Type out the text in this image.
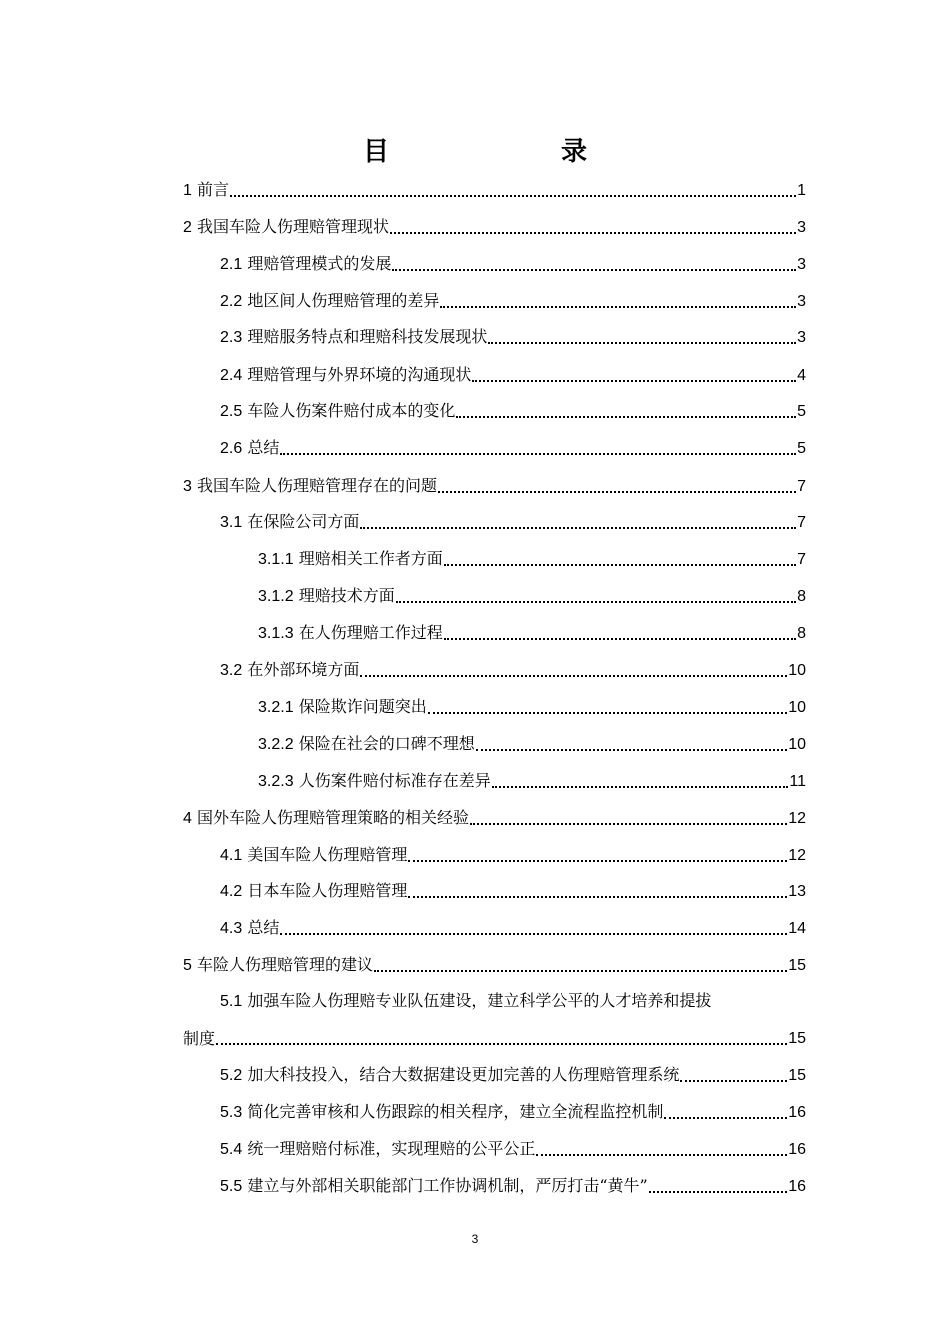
目　　录
1 前言	1
2 我国车险人伤理赔管理现状	3
2.1 理赔管理模式的发展	3
2.2 地区间人伤理赔管理的差异	3
2.3 理赔服务特点和理赔科技发展现状	3
2.4 理赔管理与外界环境的沟通现状	4
2.5 车险人伤案件赔付成本的变化	5
2.6 总结	5
3 我国车险人伤理赔管理存在的问题	7
3.1 在保险公司方面	7
3.1.1 理赔相关工作者方面	7
3.1.2 理赔技术方面	8
3.1.3 在人伤理赔工作过程	8
3.2 在外部环境方面	10
3.2.1 保险欺诈问题突出	10
3.2.2 保险在社会的口碑不理想	10
3.2.3 人伤案件赔付标准存在差异	11
4 国外车险人伤理赔管理策略的相关经验	12
4.1 美国车险人伤理赔管理	12
4.2 日本车险人伤理赔管理	13
4.3 总结	14
5 车险人伤理赔管理的建议	15
5.1 加强车险人伤理赔专业队伍建设，建立科学公平的人才培养和提拔
制度	15
5.2 加大科技投入，结合大数据建设更加完善的人伤理赔管理系统	15
5.3 简化完善审核和人伤跟踪的相关程序，建立全流程监控机制	16
5.4 统一理赔赔付标准，实现理赔的公平公正	16
5.5 建立与外部相关职能部门工作协调机制，严厉打击“黄牛”	16
3
